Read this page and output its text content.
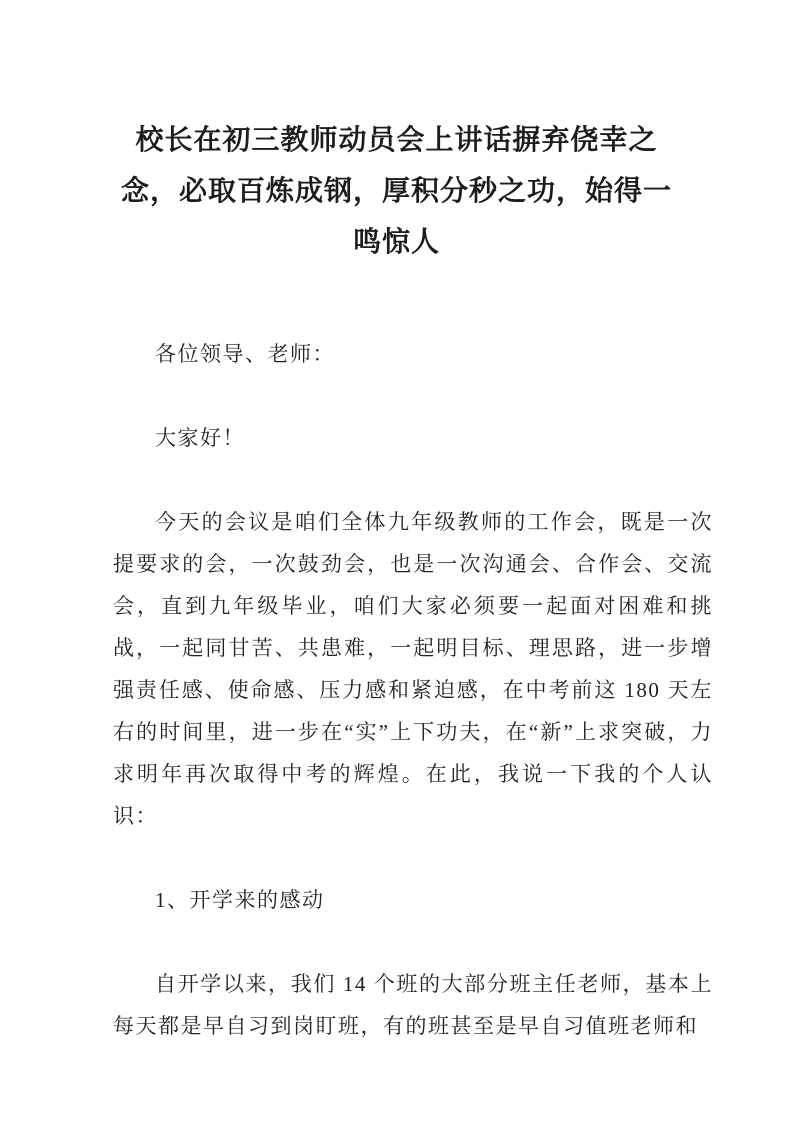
校长在初三教师动员会上讲话摒弃侥幸之
念，必取百炼成钢，厚积分秒之功，始得一
鸣惊人

各位领导、老师：

大家好！

今天的会议是咱们全体九年级教师的工作会，既是一次提要求的会，一次鼓劲会，也是一次沟通会、合作会、交流会，直到九年级毕业，咱们大家必须要一起面对困难和挑战，一起同甘苦、共患难，一起明目标、理思路，进一步增强责任感、使命感、压力感和紧迫感，在中考前这 180 天左右的时间里，进一步在“实”上下功夫，在“新”上求突破，力求明年再次取得中考的辉煌。在此，我说一下我的个人认识：

1、开学来的感动

自开学以来，我们 14 个班的大部分班主任老师，基本上每天都是早自习到岗盯班，有的班甚至是早自习值班老师和
